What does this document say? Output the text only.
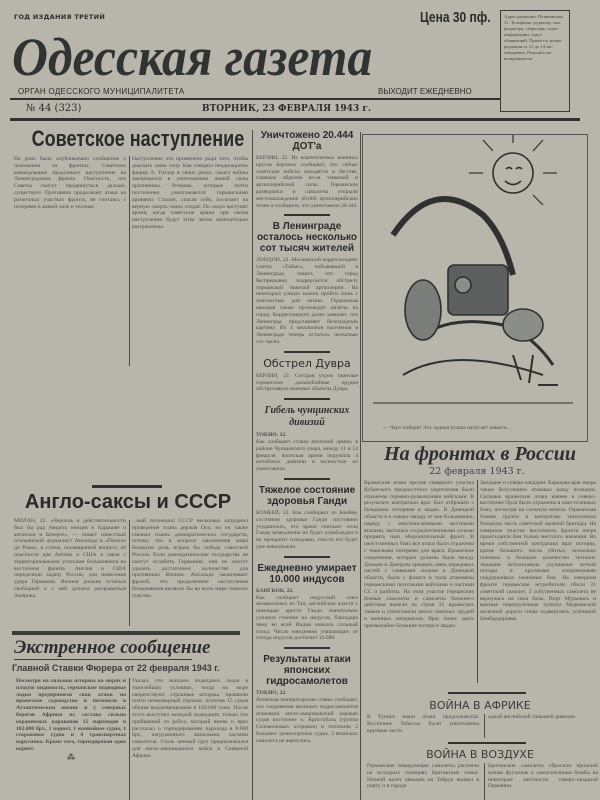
ГОД ИЗДАНИЯ ТРЕТИЙ
Одесская газета
Цена 30 пф.	Адрес редакции: Пушкинская, 31. Телефоны: редактор, зам. редактора, секретарь, отдел информации, отдел объявлений. Прием по делам редакции от 12 до 14 час. ежедневно. Рукописи не возвращаются.
ОРГАН ОДЕССКОГО МУНИЦИПАЛИТЕТА	ВЫХОДИТ ЕЖЕДНЕВНО
№ 44 (323)	ВТОРНИК, 23 ФЕВРАЛЯ 1943 г.
Советское наступление
На днях было опубликовано сообщение о положении на фронтах. Советское командование продолжает наступление на Ленинградском фронте. Опасность, что Советы смогут продвинуться дальше, существует. Противник продолжает атаки на различных участках фронта, не считаясь с потерями в живой силе и технике.
Наступление это применено ради того, чтобы доказать свою силу. Как говорил неоднократно фюрер А. Гитлер в своих речах, смысл войны заключается в уничтожении живой силы противника. Резервы, которые почти постепенно уничтожаются германскими армиями. Сталин, спасая себя, посылает на верную смерть своих солдат. По скоро наступит время, когда советские армии при своем наступлении будут этим летом окончательно разгромлены.
Англо-саксы и СССР
МИЛАН, 22. «Черчиль в действительности был бы рад увидеть немцев в Харькове и англичан в Бизерте», — пишет известный итальянский журналист Ансальдо в «Пополо ди Рома», в статье, посвященной вопросу об опасности для Англии и США в связи с территориальными успехами большевиков на восточном фронте. Англия и США определили задачу России, для нанесения удара Германии. Япония должна остаться свободной и с ней должна расправиться Америка.
...ный потенциал СССР несколько затруднил проведение плана держав Оси, но он также смешал планы демократических государств, потому что в вопросе заключения мира большую роль играла бы победа советской России. Если демократические государства не смогут ослабить Германию, они не смогут удалить достаточное количество для противника Японии. Ансальдо заканчивает фразой, что продолжение наступления большевиков вызвало бы во всем мире тяжелое чувство.
Экстренное сообщение
Главной Ставки Фюрера от 22 февраля 1943 г.
Несмотря на сильные штормы на морях и плохую видимость, германские подводные лодки предприняли свои атаки на вражеское судоходство и потопили в Атлантическом океане и у северных берегов Африки из состава сильно охраняемых караванов 15 пароходов в 102.000 брт., 1 корвет, 1 конвойное судно, 1 сторожевое судно и 4 транспортных парусника. Кроме того, торпедирован один корвет.
⁂
Указал, что экипажи подводных лодок в тяжелейших условиях, когда на море свирепствуют страшные штормы, проявили почти неимоверный героизм, потопив 15 судов общим водоизмещением в 103.000 тонн. После этого выступил молодой подводник, только что прибывший из рейса, который вновь и ярко рассказал о торпедировании парохода в 8.000 брт., нагруженного запасными частями самолетов. Столь ценный груз предназначался для англо-американских войск в Северной Африке.
Уничтожено 20.444 ДОТ'а
БЕРЛИН, 22. Из компетентных военных кругов Берлина сообщают, что сейчас советские войска находятся в бегстве, главным образом из-за танковой и артиллерийской силы. Германские разведчики и самолеты открыли местонахождение 40.000 артиллерийских точек и сообщили, что уничтожено 20.444.
В Ленинграде осталось несколько сот тысяч жителей
ЛОНДОН, 22. Московский корреспондент газеты «Таймс», побывавший в Ленинграде, пишет, что город беспрерывно подвергается обстрелу германской тяжелой артиллерии. На некоторых улицах можно пройти лишь с опасностью для жизни. Германская авиация также производит налеты на город. Корреспондент далее заявляет, что Ленинград представляет безотрадную картину. Из 4 миллионов населения в Ленинграде теперь осталось несколько сот тысяч.
Обстрел Дувра
БЕРЛИН, 22. Сегодня утром тяжелые германские дальнобойные орудия обстреливали военные объекты Дувра.
Гибель чунцинских дивизий
ТОКИО, 22.
Как сообщает ставка японской армии, в районе Чунцинского озера, между 11 и 13 февраля, японская армия окружила 4 китайских дивизии и полностью их уничтожила.
Тяжелое состояние здоровья Ганди
БОМБЕЙ, 22. Как сообщают из Бомбея, состояние здоровья Ганди постоянно ухудшилось, что врачи считают: если Ганди немедленно не будет освобожден и не прекратит голодовки, спасти его будет уже невозможно.
Ежедневно умирает 10.000 индусов
БАНГКОК, 22.
Как сообщает индусский союз независимых из Таи, английские власти с помощью ареста Ганди значительно усилили гонение на индусов, благодаря чему во всей Индии начался сильный голод. Число ежедневно умирающих от голода индусов достигает 10.000.
Результаты атаки японских гидросамолетов
ТОКИО, 22.
Японская императорская ставка сообщает, что соединения японских гидросамолетов атаковали англо-американский караван судов восточнее о. Кристобаль (группа Соломоновых островов) и потопили 2 больших транспортных судна. 3 японских самолета не вернулись.
— Черт побери! Эта ладная пушка напугает нашего...
На фронтах в России
22 февраля 1943 г.
Вражеские атаки против северного участка Кубанского предмостного укрепления были отражены германо-румынскими войсками. В результате контратаки враг был отброшен с большими потерями в людях. В Донецкой области и к северо-западу от нее большевики, наряду с многочисленными местными атаками, пытались сосредоточенными силами прорвать наш оборонительный фронт. В ожесточенных боях все атаки были отражены с тяжелыми потерями для врага. Вражеские соединения, которые должны были между Донцом и Днепром прервать связь передовых частей с главными силами в Донецкой области, были с фланга и тыла атакованы германскими пехотными войсками и частями СС и разбиты. На этом участке германские боевые самолеты и самолеты ближнего действия вывели из строя 25 вражеских танков и уничтожили много тяжелых орудий и военных материалов. Враг понес здесь чрезвычайно большие потери в людях.
Западнее и северо-западнее Харькова враг вчера также безуспешно атаковал нашу позицию. Сильные вражеские атаки южнее и северо-восточнее Орла были отражены в ожесточенных боях, несмотря на сильную метель. Германская боевая группа в контратаке уничтожила большую часть советской лыжной бригады. На северном участке восточного фронта вчера происходили бои только местного значения. Во время собственной контратаки враг потерял, кроме большого числа убитых, несколько пленных и большое количество техники. Авиация использовала улучшение летной погоды и крупными соединениями поддерживала наземные бои. На северном фронте германские истребители сбили 21 советский самолет, 2 собственных самолета не вернулись на свои базы. Порт Мурманск и важные перегрузочные пункты Мурманской железной дороги снова подверглись успешной бомбардировке.
ВОЙНА В АФРИКЕ
В Тунисе наши атаки продолжаются. Восточнее Тебессы были уничтожены крупные части
одной английской танковой дивизии.
ВОЙНА В ВОЗДУХЕ
Германские пикирующие самолеты рассеяли на исходных позициях британские танки. Ночной налет авиации на Тобрук вызвал в порту и в городе
Британские самолеты сбросили прошлой ночью фугасные и зажигательные бомбы на некоторые местности северо-западной Германии.
